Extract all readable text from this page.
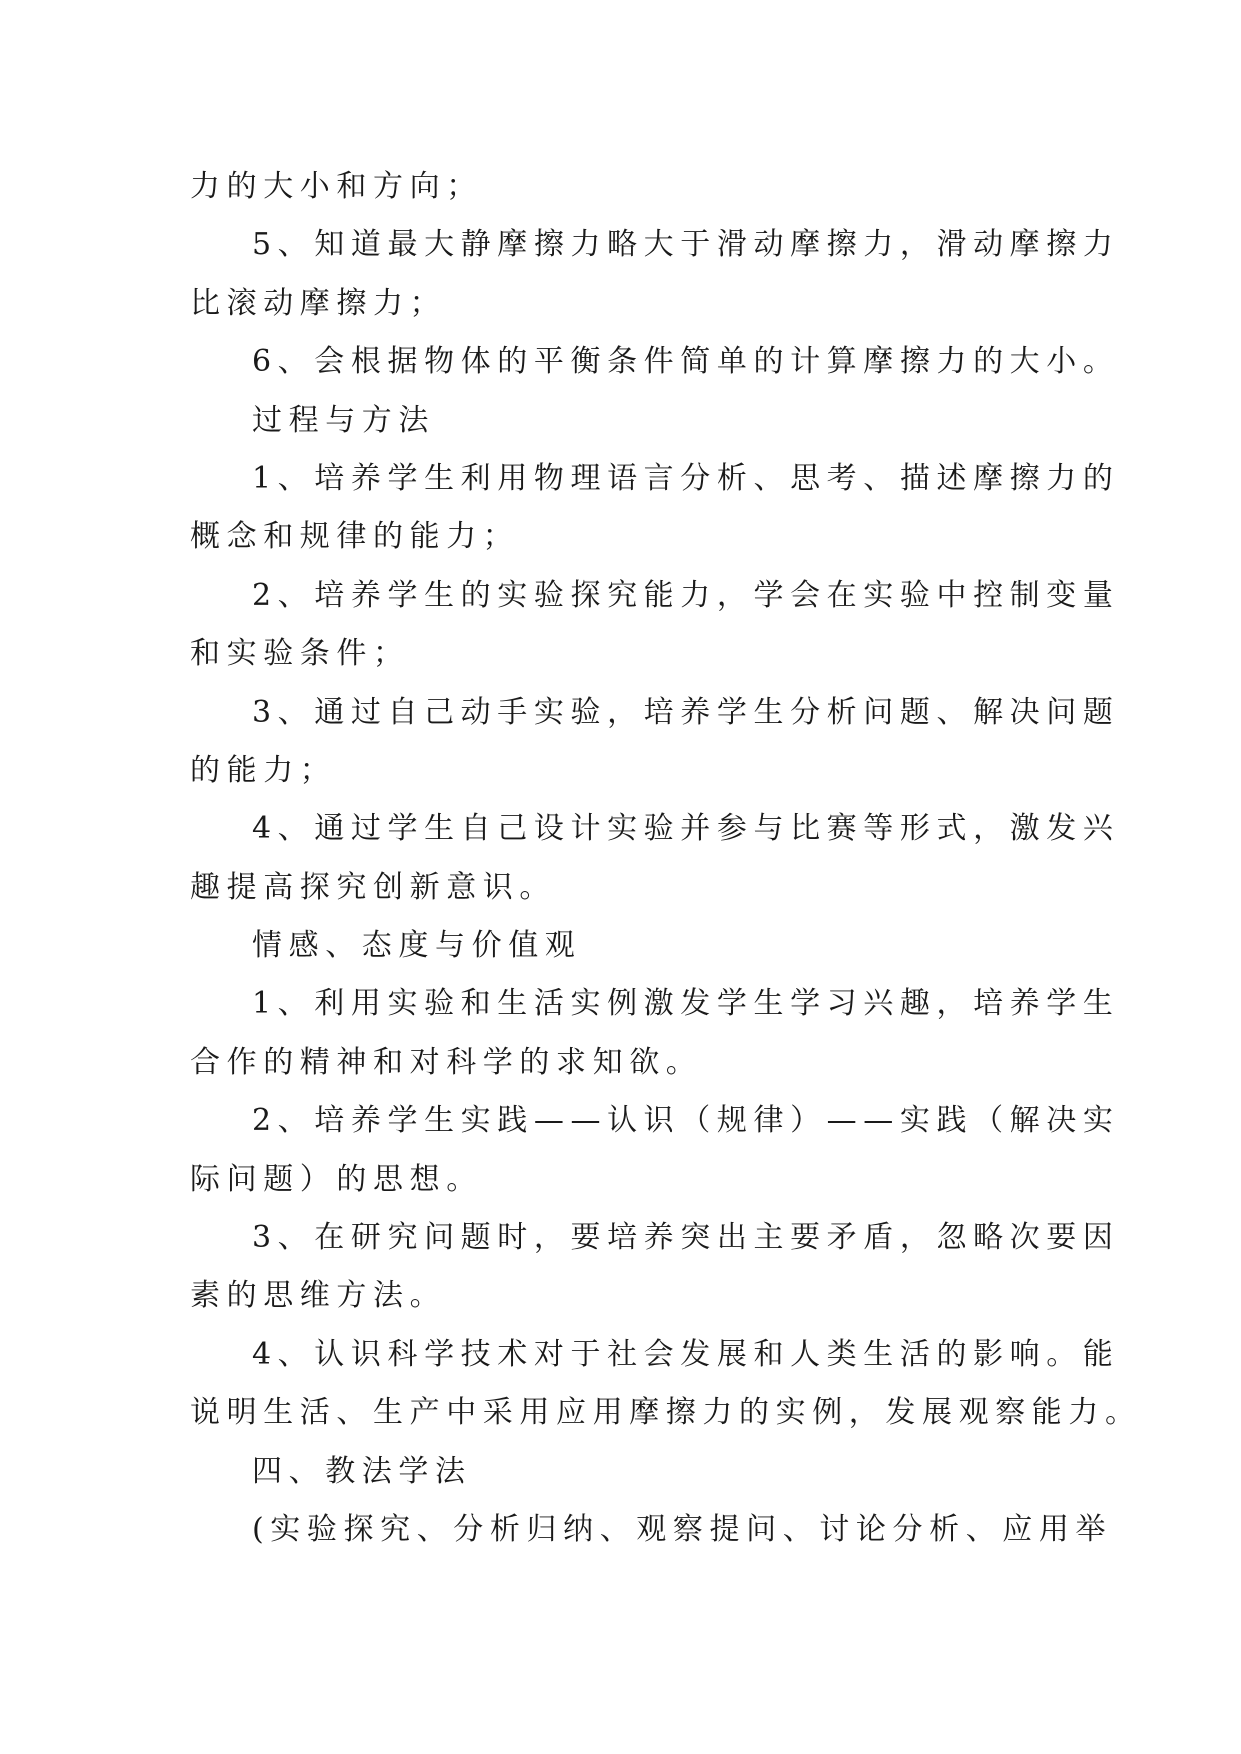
力的大小和方向；
5、知道最大静摩擦力略大于滑动摩擦力，滑动摩擦力
比滚动摩擦力；
6、会根据物体的平衡条件简单的计算摩擦力的大小。
过程与方法
1、培养学生利用物理语言分析、思考、描述摩擦力的
概念和规律的能力；
2、培养学生的实验探究能力，学会在实验中控制变量
和实验条件；
3、通过自己动手实验，培养学生分析问题、解决问题
的能力；
4、通过学生自己设计实验并参与比赛等形式，激发兴
趣提高探究创新意识。
情感、态度与价值观
1、利用实验和生活实例激发学生学习兴趣，培养学生
合作的精神和对科学的求知欲。
2、培养学生实践——认识（规律）——实践（解决实
际问题）的思想。
3、在研究问题时，要培养突出主要矛盾，忽略次要因
素的思维方法。
4、认识科学技术对于社会发展和人类生活的影响。能
说明生活、生产中采用应用摩擦力的实例，发展观察能力。
四、教法学法
(实验探究、分析归纳、观察提问、讨论分析、应用举
